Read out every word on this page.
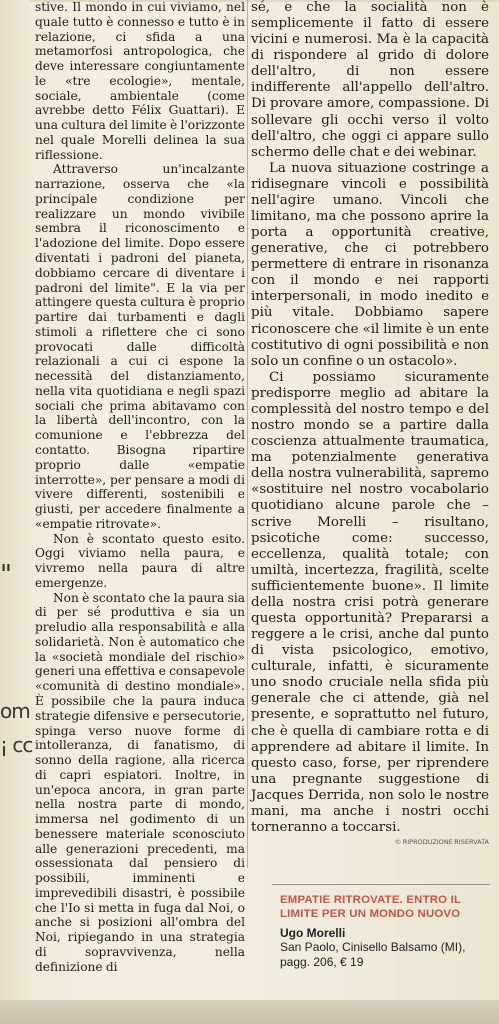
"
om
¡ cc

stive. Il mondo in cui viviamo, nel quale tutto è connesso e tutto è in relazione, ci sfida a una metamorfosi antropologica, che deve interessare congiuntamente le «tre ecologie», mentale, sociale, ambientale (come avrebbe detto Félix Guattari). E una cultura del limite è l'orizzonte nel quale Morelli delinea la sua riflessione.

Attraverso un'incalzante narrazione, osserva che «la principale condizione per realizzare un mondo vivibile sembra il riconoscimento e l'adozione del limite. Dopo essere diventati i padroni del pianeta, dobbiamo cercare di diventare i padroni del limite". E la via per attingere questa cultura è proprio partire dai turbamenti e dagli stimoli a riflettere che ci sono provocati dalle difficoltà relazionali a cui ci espone la necessità del distanziamento, nella vita quotidiana e negli spazi sociali che prima abitavamo con la libertà dell'incontro, con la comunione e l'ebbrezza del contatto. Bisogna ripartire proprio dalle «empatie interrotte», per pensare a modi di vivere differenti, sostenibili e giusti, per accedere finalmente a «empatie ritrovate».

Non è scontato questo esito. Oggi viviamo nella paura, e vivremo nella paura di altre emergenze.

Non è scontato che la paura sia di per sé produttiva e sia un preludio alla responsabilità e alla solidarietà. Non è automatico che la «società mondiale del rischio» generi una effettiva e consapevole «comunità di destino mondiale». È possibile che la paura induca strategie difensive e persecutorie, spinga verso nuove forme di intolleranza, di fanatismo, di sonno della ragione, alla ricerca di capri espiatori. Inoltre, in un'epoca ancora, in gran parte nella nostra parte di mondo, immersa nel godimento di un benessere materiale sconosciuto alle generazioni precedenti, ma ossessionata dal pensiero di possibili, imminenti e imprevedibili disastri, è possibile che l'Io si metta in fuga dal Noi, o anche si posizioni all'ombra del Noi, ripiegando in una strategia di sopravvivenza, nella definizione di

sé, e che la socialità non è semplicemente il fatto di essere vicini e numerosi. Ma è la capacità di rispondere al grido di dolore dell'altro, di non essere indifferente all'appello dell'altro. Di provare amore, compassione. Di sollevare gli occhi verso il volto dell'altro, che oggi ci appare sullo schermo delle chat e dei webinar.

La nuova situazione costringe a ridisegnare vincoli e possibilità nell'agire umano. Vincoli che limitano, ma che possono aprire la porta a opportunità creative, generative, che ci potrebbero permettere di entrare in risonanza con il mondo e nei rapporti interpersonali, in modo inedito e più vitale. Dobbiamo sapere riconoscere che «il limite è un ente costitutivo di ogni possibilità e non solo un confine o un ostacolo».

Ci possiamo sicuramente predisporre meglio ad abitare la complessità del nostro tempo e del nostro mondo se a partire dalla coscienza attualmente traumatica, ma potenzialmente generativa della nostra vulnerabilità, sapremo «sostituire nel nostro vocabolario quotidiano alcune parole che – scrive Morelli – risultano, psicotiche come: successo, eccellenza, qualità totale; con umiltà, incertezza, fragilità, scelte sufficientemente buone». Il limite della nostra crisi potrà generare questa opportunità? Prepararsi a reggere a le crisi, anche dal punto di vista psicologico, emotivo, culturale, infatti, è sicuramente uno snodo cruciale nella sfida più generale che ci attende, già nel presente, e soprattutto nel futuro, che è quella di cambiare rotta e di apprendere ad abitare il limite. In questo caso, forse, per riprendere una pregnante suggestione di Jacques Derrida, non solo le nostre mani, ma anche i nostri occhi torneranno a toccarsi.

© RIPRODUZIONE RISERVATA
EMPATIE RITROVATE. ENTRO IL LIMITE PER UN MONDO NUOVO
Ugo Morelli
San Paolo, Cinisello Balsamo (MI),
pagg. 206, € 19
